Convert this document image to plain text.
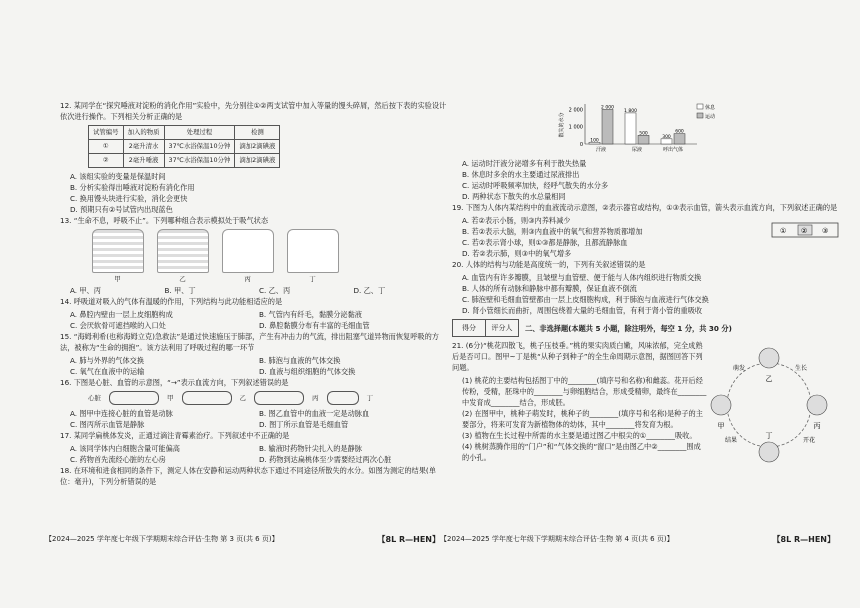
12. 某同学在“探究唾液对淀粉的消化作用”实验中，先分别往①②两支试管中加入等量的馒头碎屑，然后按下表的实验设计依次进行操作。下列相关分析正确的是
试管编号	加入的物质	处理过程	检测
①	2毫升清水	37℃水浴保温10分钟	滴加2滴碘液
②	2毫升唾液	37℃水浴保温10分钟	滴加2滴碘液
A. 该组实验的变量是保温时间
B. 分析实验得出唾液对淀粉有消化作用
C. 换用馒头块进行实验，消化会更快
D. 预期只有②号试管内出现蓝色
13. “生命不息，呼吸不止”。下列哪种组合表示模拟处于吸气状态
甲	乙	丙	丁
A. 甲、丙	B. 甲、丁	C. 乙、丙	D. 乙、丁
14. 呼吸道对吸入的气体有温暖的作用，下列结构与此功能相适应的是
A. 鼻腔内壁由一层上皮细胞构成	B. 气管内有纤毛，黏膜分泌黏液
C. 会厌软骨可遮挡喉的入口处	D. 鼻腔黏膜分布有丰富的毛细血管
15. “海姆利希(也称海姆立克)急救法”是通过快速施压于肺部，产生有冲击力的气流，排出阻塞气道异物而恢复呼吸的方法，被称为“生命的拥抱”。该方法利用了呼吸过程的哪一环节
A. 肺与外界的气体交换	B. 肺泡与血液的气体交换
C. 氧气在血液中的运输	D. 血液与组织细胞的气体交换
16. 下图是心脏、血管的示意图，“→”表示血流方向，下列叙述错误的是
心脏	甲	乙	丙	丁
A. 图甲中连接心脏的血管是动脉	B. 图乙血管中的血液一定是动脉血
C. 图丙所示血管是静脉	D. 图丁所示血管是毛细血管
17. 某同学扁桃体发炎，正通过滴注青霉素治疗。下列叙述中不正确的是
A. 该同学体内白细胞含量可能偏高	B. 输液时药物针尖扎入的是静脉
C. 药物首先流经心脏的左心房	D. 药物到达扁桃体至少需要经过两次心脏
18. 在环境和进食相同的条件下，测定人体在安静和运动两种状态下通过不同途径所散失的水分。如图为测定的结果(单位：毫升)，下列分析错误的是
【2024—2025 学年度七年级下学期期末综合评估·生物 第 3 页(共 6 页)】	【8L R—HEN】
2 000
1 000
0
散失的水分
100
2 000
汗液
1 800
500
尿液
300
600
呼出气体
休息
运动
A. 运动时汗液分泌增多有利于散失热量
B. 休息时多余的水主要通过尿液排出
C. 运动时呼吸频率加快，经呼气散失的水分多
D. 两种状态下散失的水总量相同
19. 下图为人体内某结构中的血液流动示意图，②表示器官或结构，①③表示血管，箭头表示血流方向，下列叙述正确的是
A. 若②表示小肠，则③内养料减少
B. 若②表示大脑，则③内血液中的氧气和营养物质都增加
C. 若②表示肾小球，则①③都是静脉，且都流静脉血
D. 若②表示肺，则③中的氧气增多
① ② ③
20. 人体的结构与功能是高度统一的，下列有关叙述错误的是
A. 血管内有许多瓣膜，且皱壁与血管壁、便于能与人体内组织进行物质交换
B. 人体的所有动脉和静脉中都有瓣膜，保证血液不倒流
C. 肺泡壁和毛细血管壁都由一层上皮细胞构成，利于肺泡与血液进行气体交换
D. 肾小管细长而曲折，周围包绕着大量的毛细血管，有利于肾小管的重吸收
得分	评分人 二、非选择题(本题共 5 小题，除注明外，每空 1 分，共 30 分)
21. (6分)“桃花四散飞，桃子压枝垂。”桃的果实肉质白嫩，风味浓郁，完全成熟后是否可口。图甲~丁是桃“从种子到种子”的全生命周期示意图，据图回答下列问题。
(1) 桃花的主要结构包括图丁中的________(填序号和名称)和雌蕊。花开后经传粉，受精，胚珠中的________与卵细胞结合，形成受精卵，最终在________中发育成________结合，形成胚。
(2) 在图甲中，桃种子萌发时，桃种子的________(填序号和名称)是种子的主要部分，将来可发育为新植物体的幼体，其中________将发育为根。
(3) 植物在生长过程中所需的水主要是通过图乙中根尖的①________吸收。
(4) 桃树蒸腾作用的“门户”和“气体交换的“窗口”是由图乙中②________围成的小孔。
甲
乙
丙
丁
萌发	生长
开花
结果
【2024—2025 学年度七年级下学期期末综合评估·生物 第 4 页(共 6 页)】	【8L R—HEN】
